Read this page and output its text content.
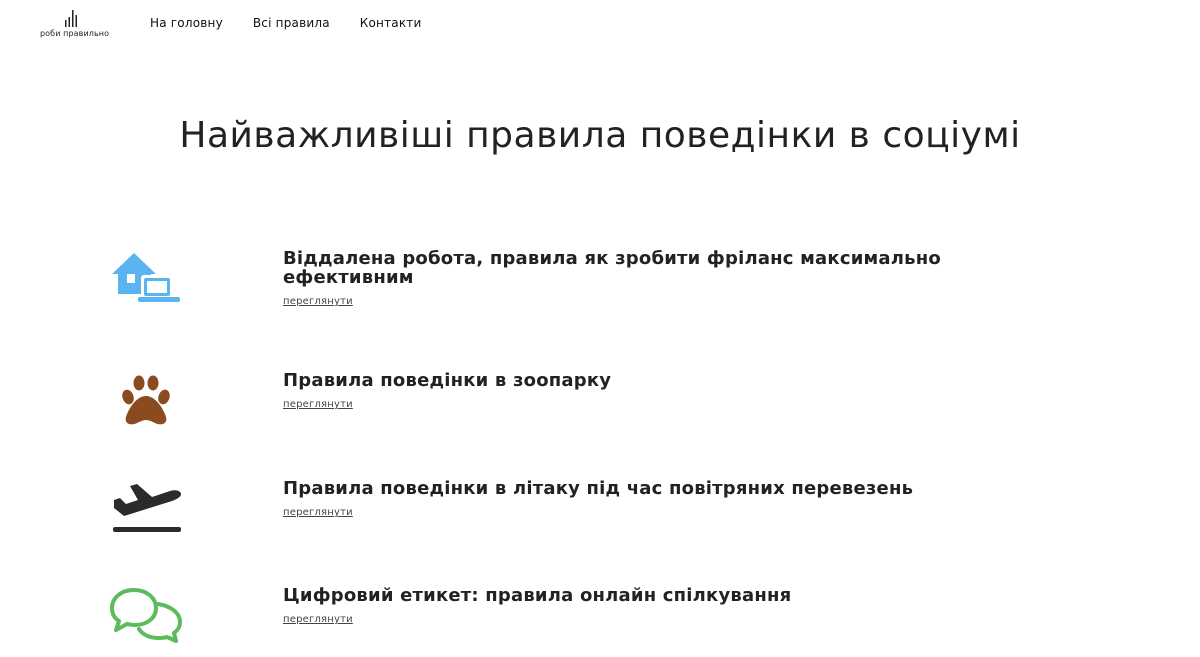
роби правильно
На головну	Всі правила	Контакти
Найважливіші правила поведінки в соціумі
Віддалена робота, правила як зробити фріланс максимально ефективним
переглянути
Правила поведінки в зоопарку
переглянути
Правила поведінки в літаку під час повітряних перевезень
переглянути
Цифровий етикет: правила онлайн спілкування
переглянути
